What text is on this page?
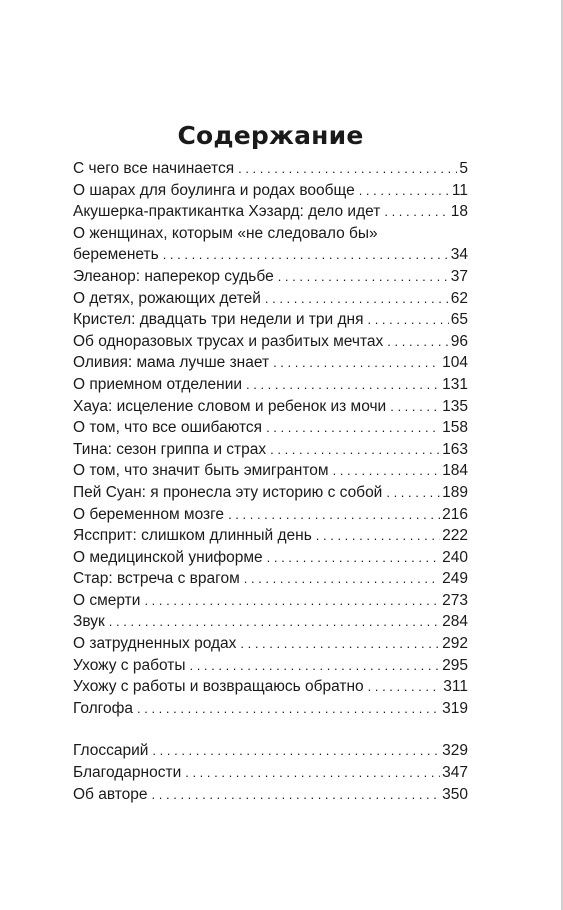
Содержание
С чего все начинается . . .	5
О шарах для боулинга и родах вообще . . .	11
Акушерка-практикантка Хэзард: дело идет . . .	18
О женщинах, которым «не следовало бы»
беременеть . . .	34
Элеанор: наперекор судьбе . . .	37
О детях, рожающих детей . . .	62
Кристел: двадцать три недели и три дня . . .	65
Об одноразовых трусах и разбитых мечтах . . .	96
Оливия: мама лучше знает . . .	104
О приемном отделении . . .	131
Хауа: исцеление словом и ребенок из мочи . . .	135
О том, что все ошибаются . . .	158
Тина: сезон гриппа и страх . . .	163
О том, что значит быть эмигрантом . . .	184
Пей Суан: я пронесла эту историю с собой . . .	189
О беременном мозге . . .	216
Яссприт: слишком длинный день . . .	222
О медицинской униформе . . .	240
Стар: встреча с врагом . . .	249
О смерти . . .	273
Звук . . .	284
О затрудненных родах . . .	292
Ухожу с работы . . .	295
Ухожу с работы и возвращаюсь обратно . . .	311
Голгофа . . .	319
Глоссарий . . .	329
Благодарности . . .	347
Об авторе . . .	350
